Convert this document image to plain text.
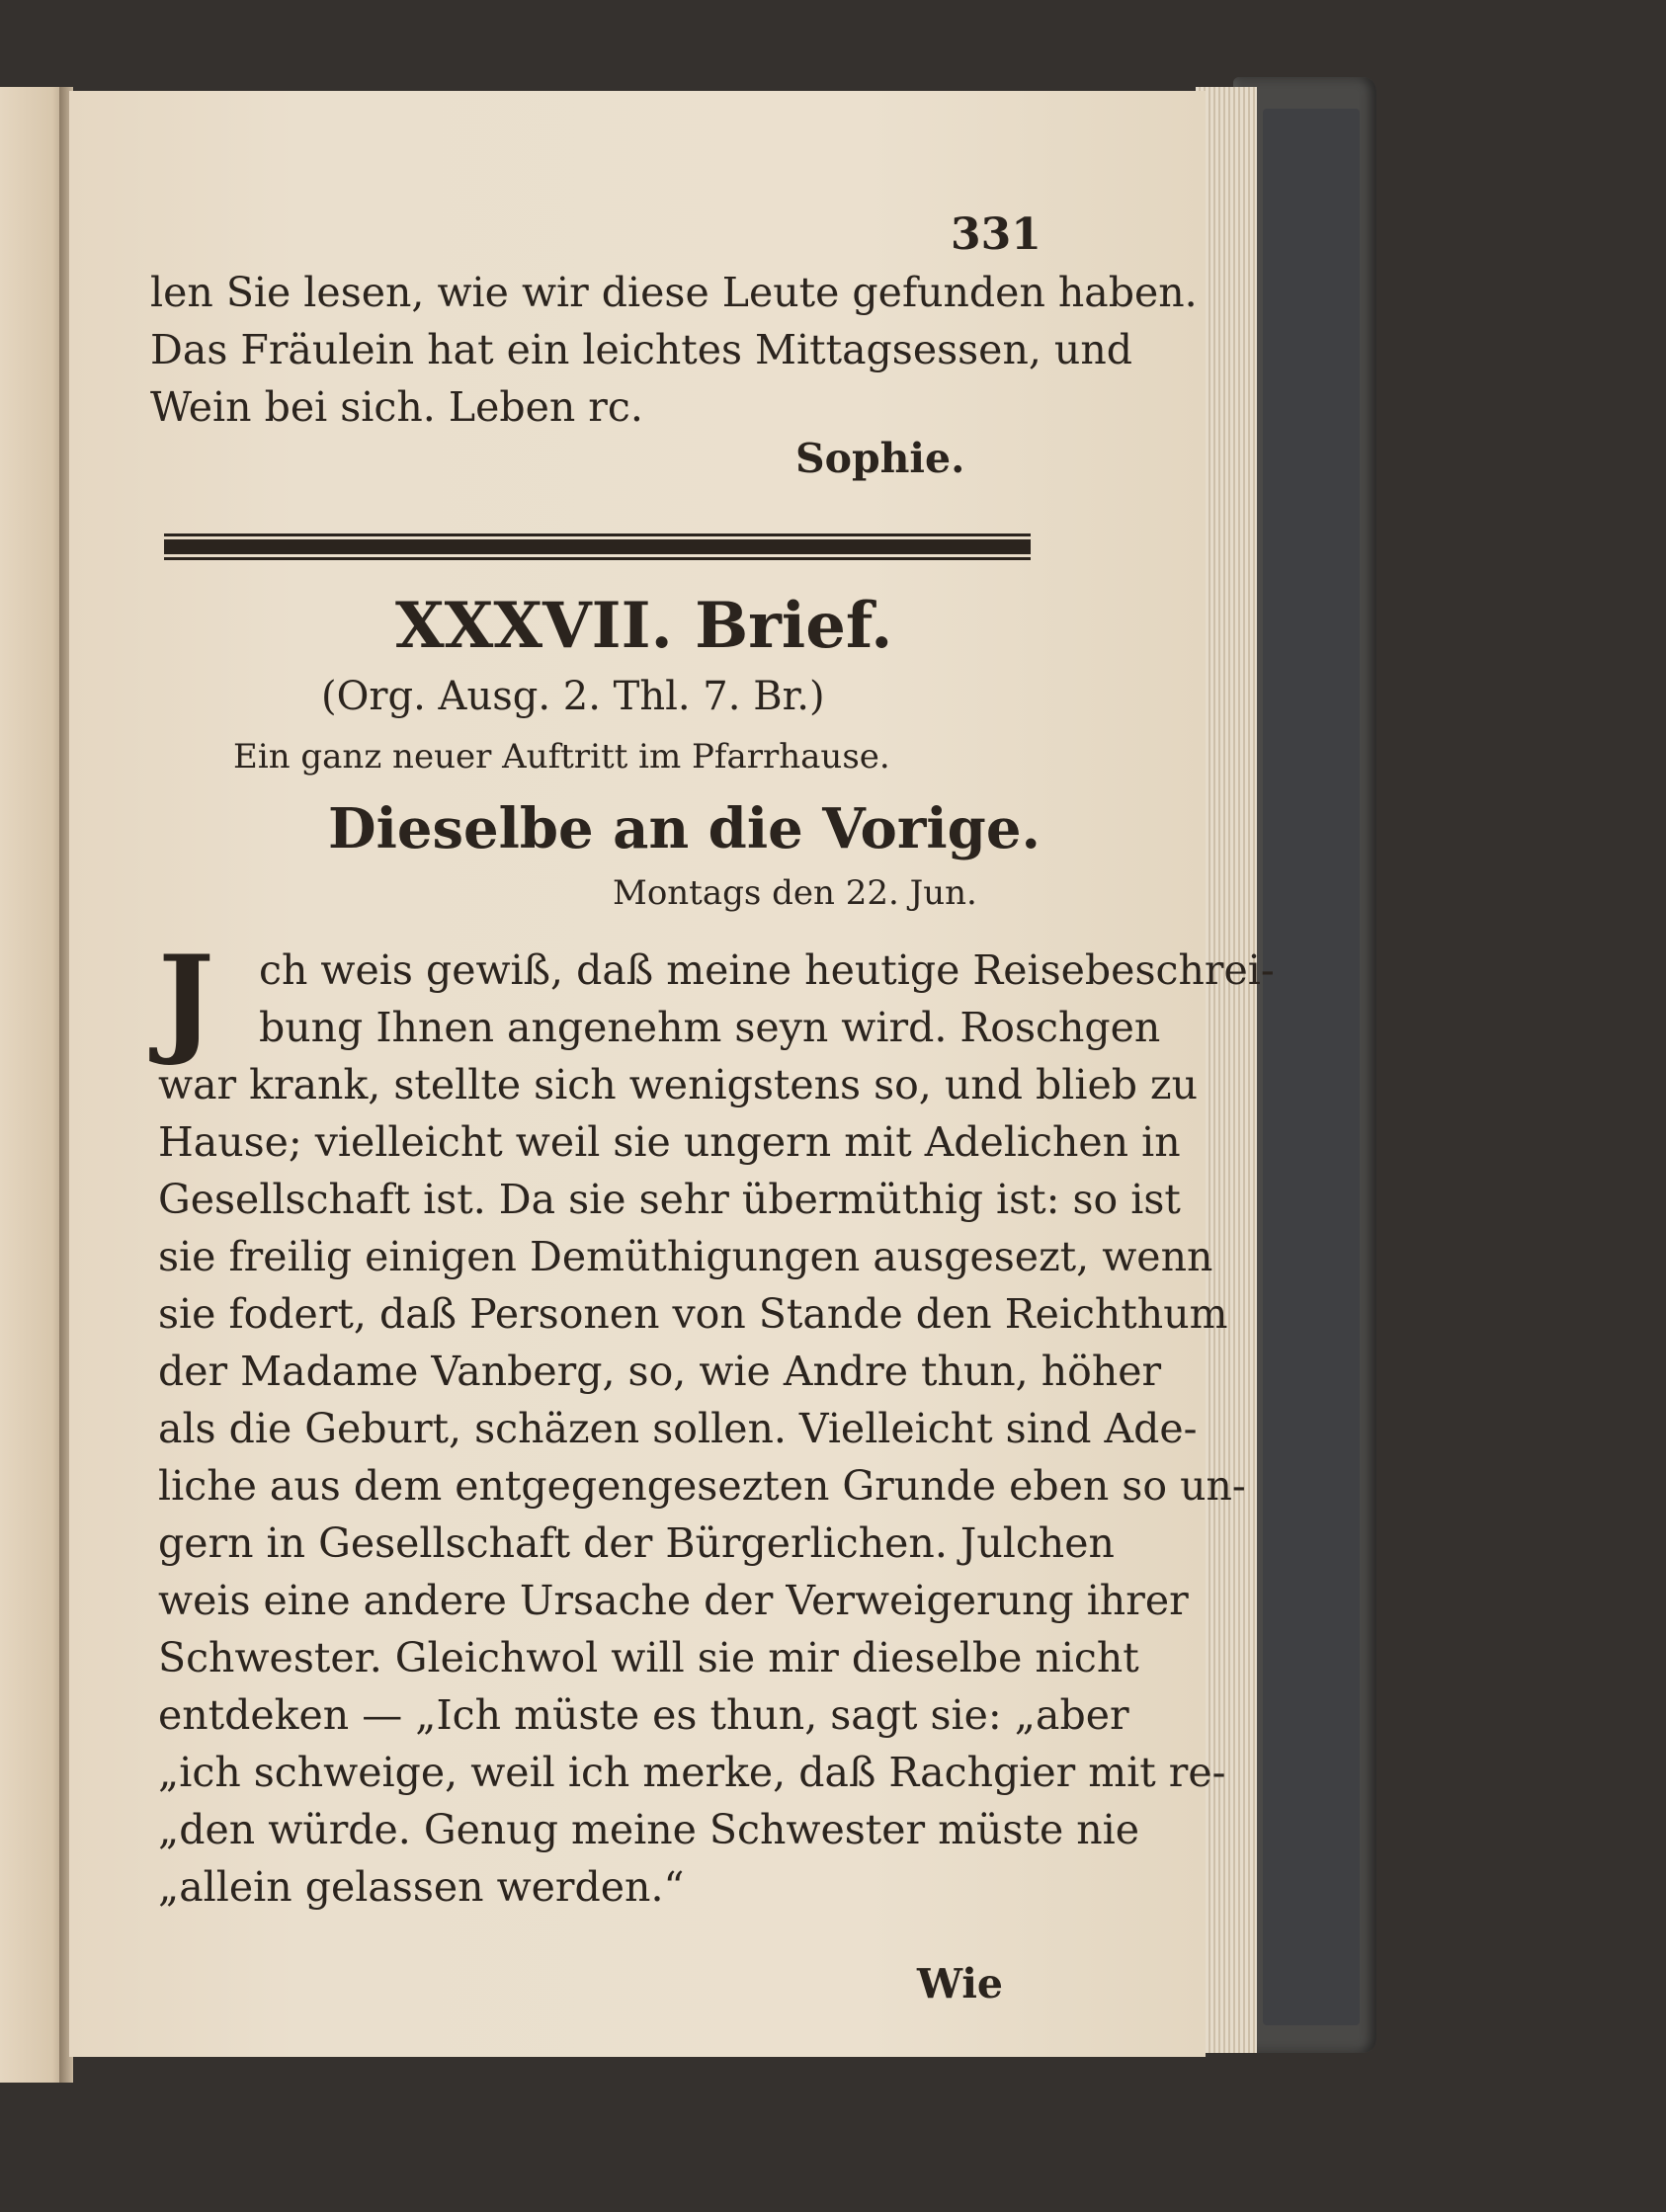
331
len Sie lesen, wie wir diese Leute gefunden haben.
Das Fräulein hat ein leichtes Mittagsessen, und
Wein bei sich. Leben rc.
Sophie.
XXXVII. Brief.
(Org. Ausg. 2. Thl. 7. Br.)
Ein ganz neuer Auftritt im Pfarrhause.
Dieselbe an die Vorige.
Montags den 22. Jun.
J ch weis gewiß, daß meine heutige Reisebeschrei-
bung Ihnen angenehm seyn wird. Roschgen
war krank, stellte sich wenigstens so, und blieb zu
Hause; vielleicht weil sie ungern mit Adelichen in
Gesellschaft ist. Da sie sehr übermüthig ist: so ist
sie freilig einigen Demüthigungen ausgesezt, wenn
sie fodert, daß Personen von Stande den Reichthum
der Madame Vanberg, so, wie Andre thun, höher
als die Geburt, schäzen sollen. Vielleicht sind Ade-
liche aus dem entgegengesezten Grunde eben so un-
gern in Gesellschaft der Bürgerlichen. Julchen
weis eine andere Ursache der Verweigerung ihrer
Schwester. Gleichwol will sie mir dieselbe nicht
entdeken — „Ich müste es thun, sagt sie: „aber
„ich schweige, weil ich merke, daß Rachgier mit re-
„den würde. Genug meine Schwester müste nie
„allein gelassen werden.“
Wie
